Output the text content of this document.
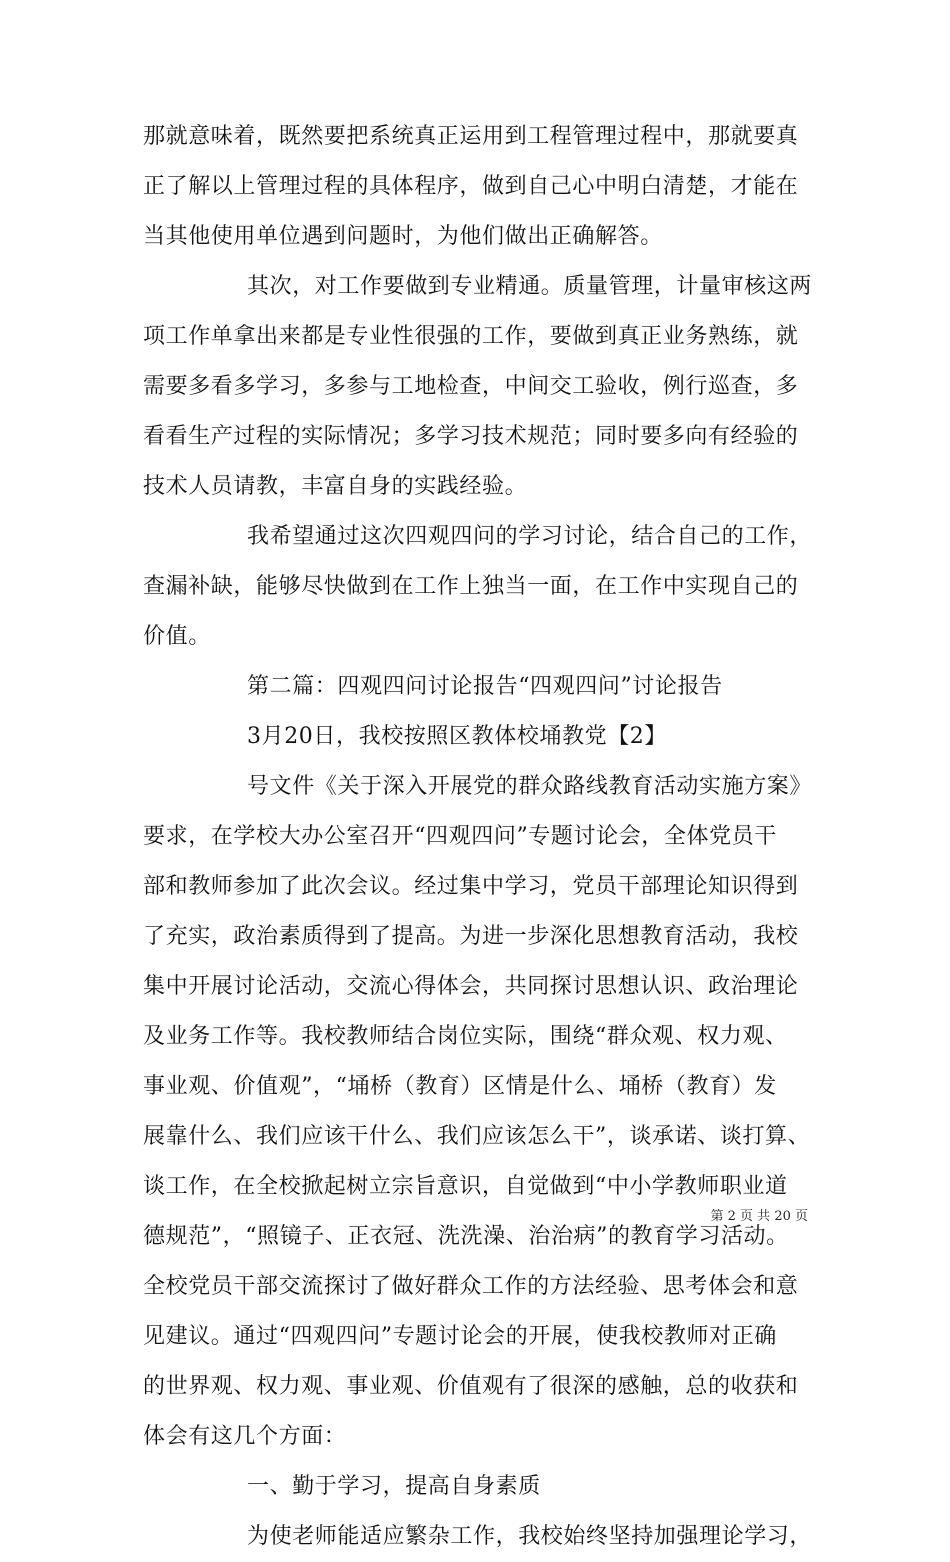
那就意味着，既然要把系统真正运用到工程管理过程中，那就要真
正了解以上管理过程的具体程序，做到自己心中明白清楚，才能在
当其他使用单位遇到问题时，为他们做出正确解答。
其次，对工作要做到专业精通。质量管理，计量审核这两
项工作单拿出来都是专业性很强的工作，要做到真正业务熟练，就
需要多看多学习，多参与工地检查，中间交工验收，例行巡查，多
看看生产过程的实际情况；多学习技术规范；同时要多向有经验的
技术人员请教，丰富自身的实践经验。
我希望通过这次四观四问的学习讨论，结合自己的工作，
查漏补缺，能够尽快做到在工作上独当一面，在工作中实现自己的
价值。
第二篇：四观四问讨论报告“四观四问”讨论报告
3月20日，我校按照区教体校埇教党【2】
号文件《关于深入开展党的群众路线教育活动实施方案》
要求，在学校大办公室召开“四观四问”专题讨论会，全体党员干
部和教师参加了此次会议。经过集中学习，党员干部理论知识得到
了充实，政治素质得到了提高。为进一步深化思想教育活动，我校
集中开展讨论活动，交流心得体会，共同探讨思想认识、政治理论
及业务工作等。我校教师结合岗位实际，围绕“群众观、权力观、
事业观、价值观”，“埇桥（教育）区情是什么、埇桥（教育）发
展靠什么、我们应该干什么、我们应该怎么干”，谈承诺、谈打算、
谈工作，在全校掀起树立宗旨意识，自觉做到“中小学教师职业道
德规范”，“照镜子、正衣冠、洗洗澡、治治病”的教育学习活动。
全校党员干部交流探讨了做好群众工作的方法经验、思考体会和意
见建议。通过“四观四问”专题讨论会的开展，使我校教师对正确
的世界观、权力观、事业观、价值观有了很深的感触，总的收获和
体会有这几个方面：
一、勤于学习，提高自身素质
为使老师能适应繁杂工作，我校始终坚持加强理论学习，
第 2 页 共 20 页
